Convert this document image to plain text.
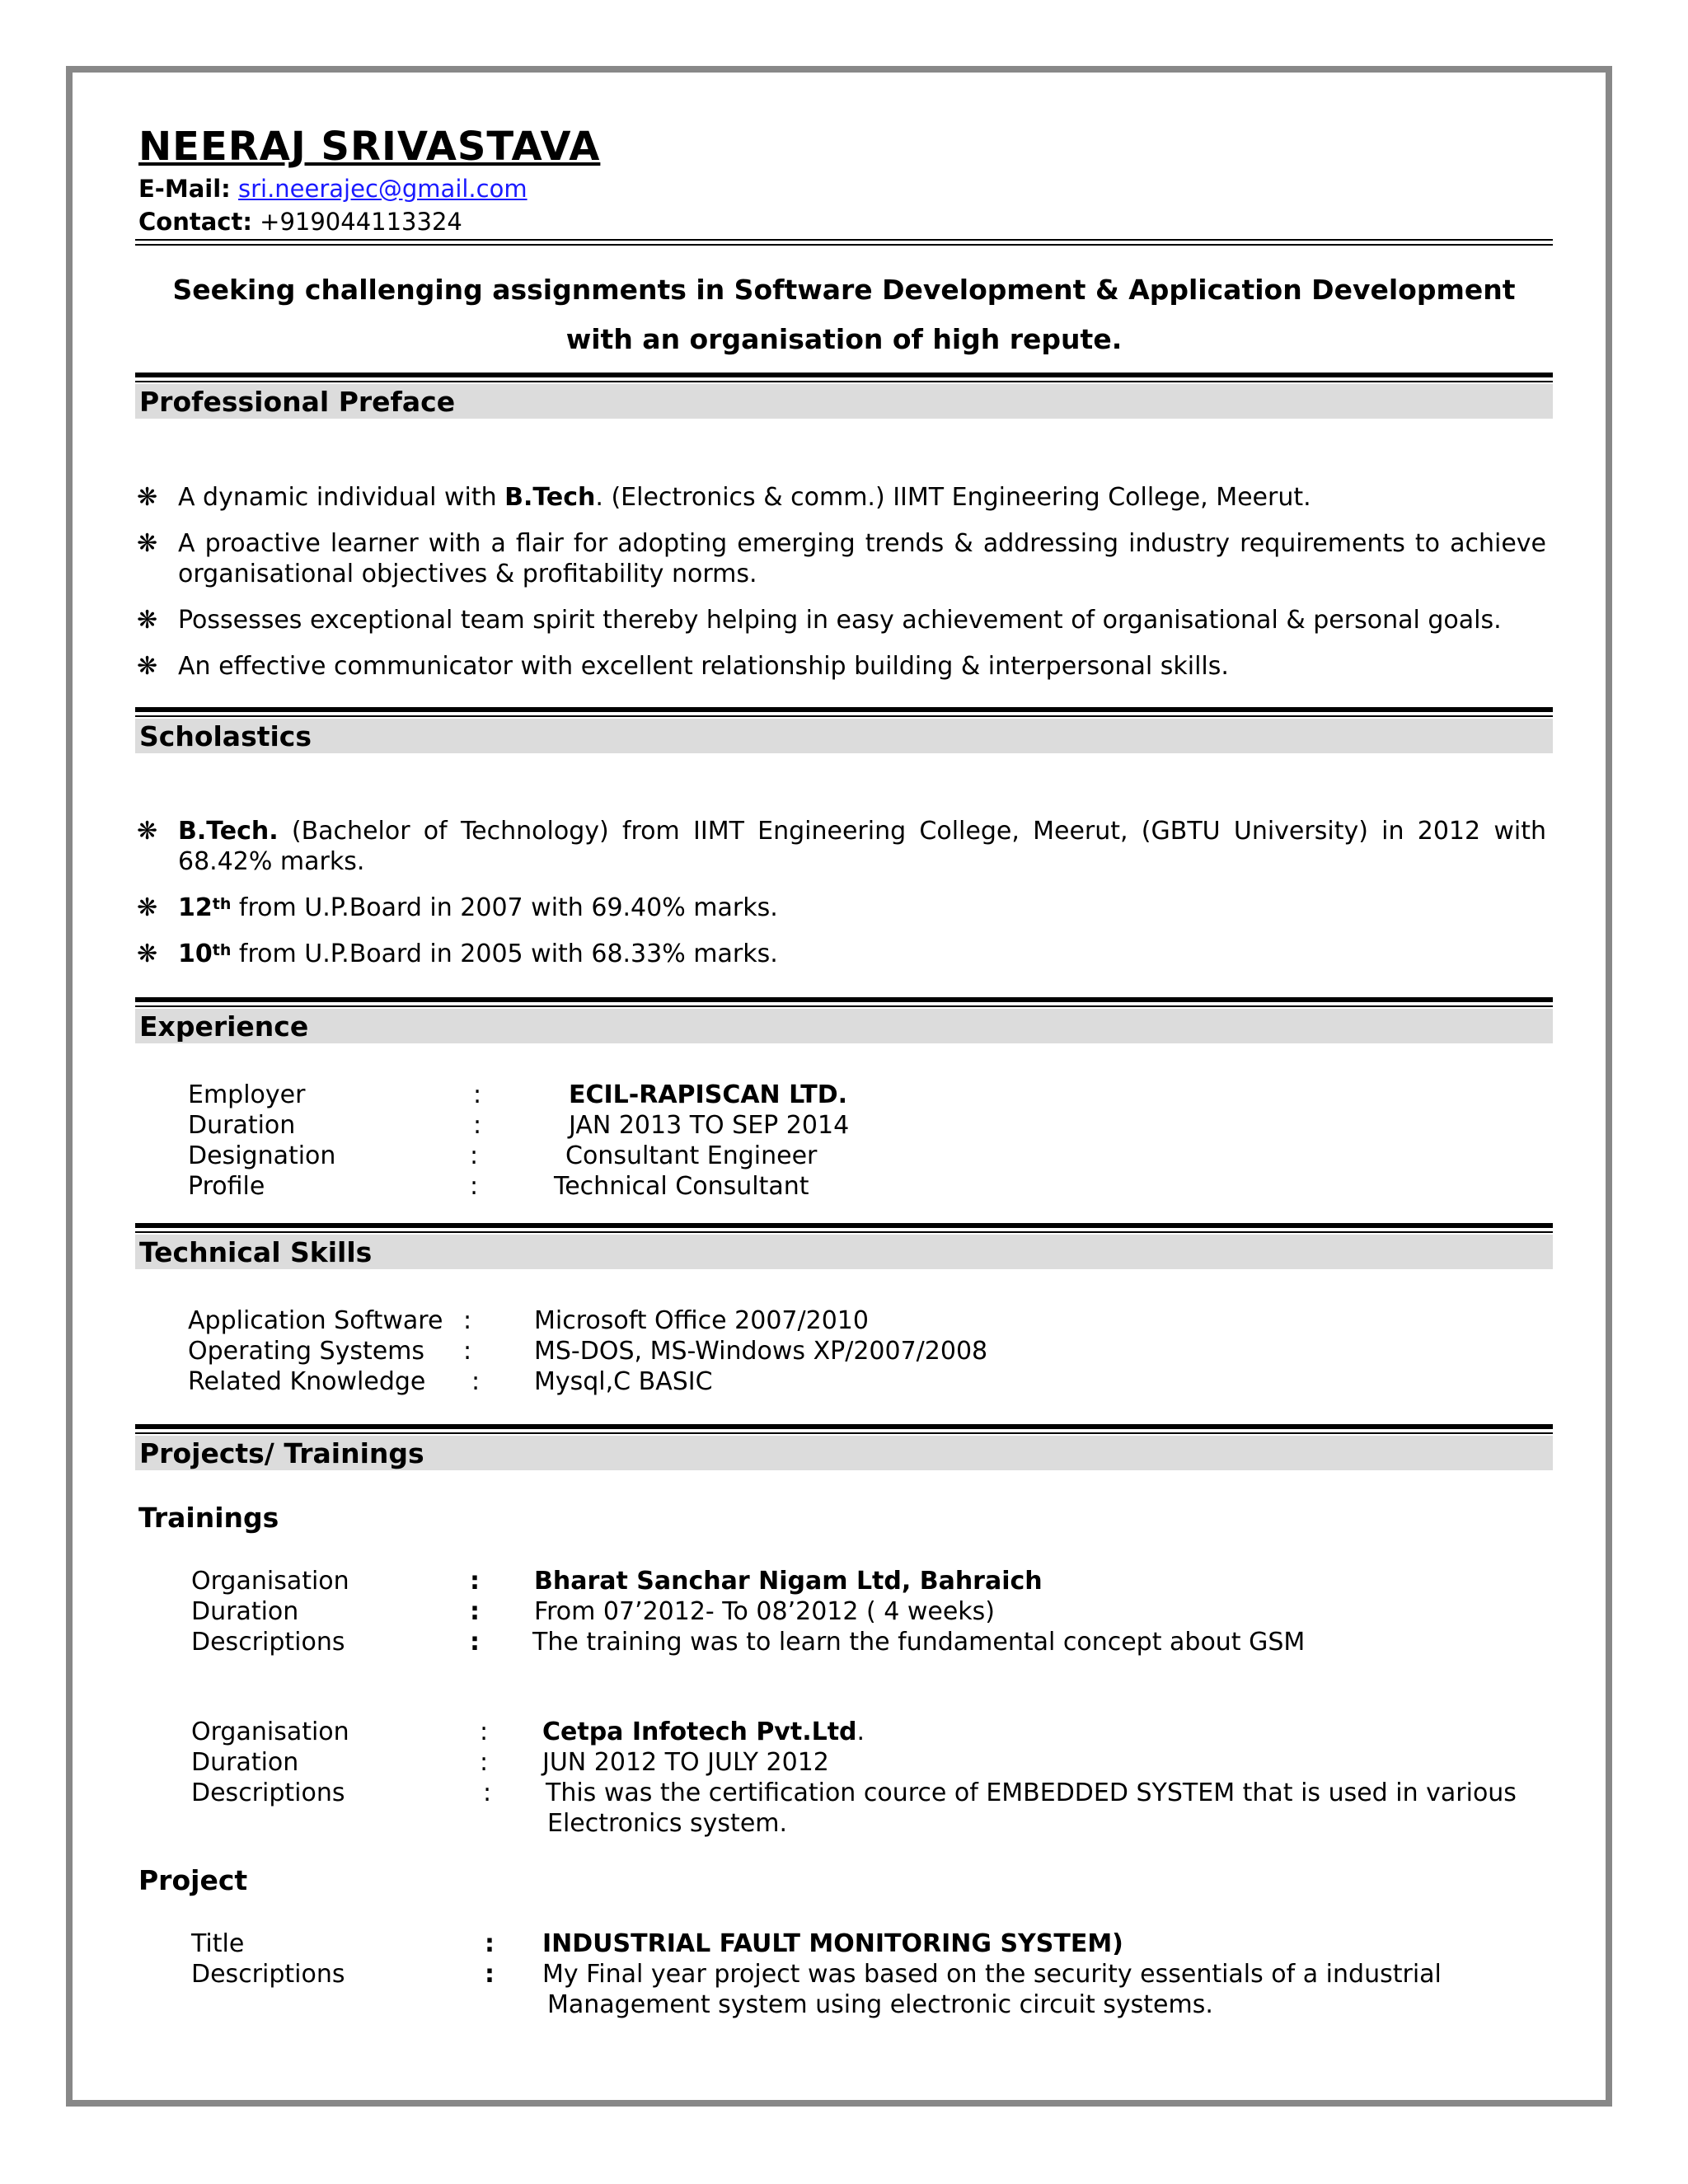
NEERAJ SRIVASTAVA
E-Mail: sri.neerajec@gmail.com
Contact: +919044113324
Seeking challenging assignments in Software Development & Application Development
with an organisation of high repute.
Professional Preface
❋ A dynamic individual with B.Tech. (Electronics & comm.) IIMT Engineering College, Meerut.
❋ A proactive learner with a flair for adopting emerging trends & addressing industry requirements to achieve organisational objectives & profitability norms.
❋ Possesses exceptional team spirit thereby helping in easy achievement of organisational & personal goals.
❋ An effective communicator with excellent relationship building & interpersonal skills.
Scholastics
❋ B.Tech. (Bachelor of Technology) from IIMT Engineering College, Meerut, (GBTU University) in 2012 with 68.42% marks.
❋ 12th from U.P.Board in 2007 with 69.40% marks.
❋ 10th from U.P.Board in 2005 with 68.33% marks.
Experience
Employer	:	ECIL-RAPISCAN LTD.
Duration	:	JAN 2013 TO SEP 2014
Designation	:	Consultant Engineer
Profile	:	Technical Consultant
Technical Skills
Application Software :	Microsoft Office 2007/2010
Operating Systems :	MS-DOS, MS-Windows XP/2007/2008
Related Knowledge : Mysql,C BASIC
Projects/ Trainings
Trainings
Organisation	: Bharat Sanchar Nigam Ltd, Bahraich
Duration	: From 07’2012- To 08’2012 ( 4 weeks)
Descriptions	: The training was to learn the fundamental concept about GSM
Organisation	: Cetpa Infotech Pvt.Ltd.
Duration	: JUN 2012 TO JULY 2012
Descriptions	: This was the certification cource of EMBEDDED SYSTEM that is used in various
Electronics system.
Project
Title	: INDUSTRIAL FAULT MONITORING SYSTEM)
Descriptions	: My Final year project was based on the security essentials of a industrial
Management system using electronic circuit systems.
